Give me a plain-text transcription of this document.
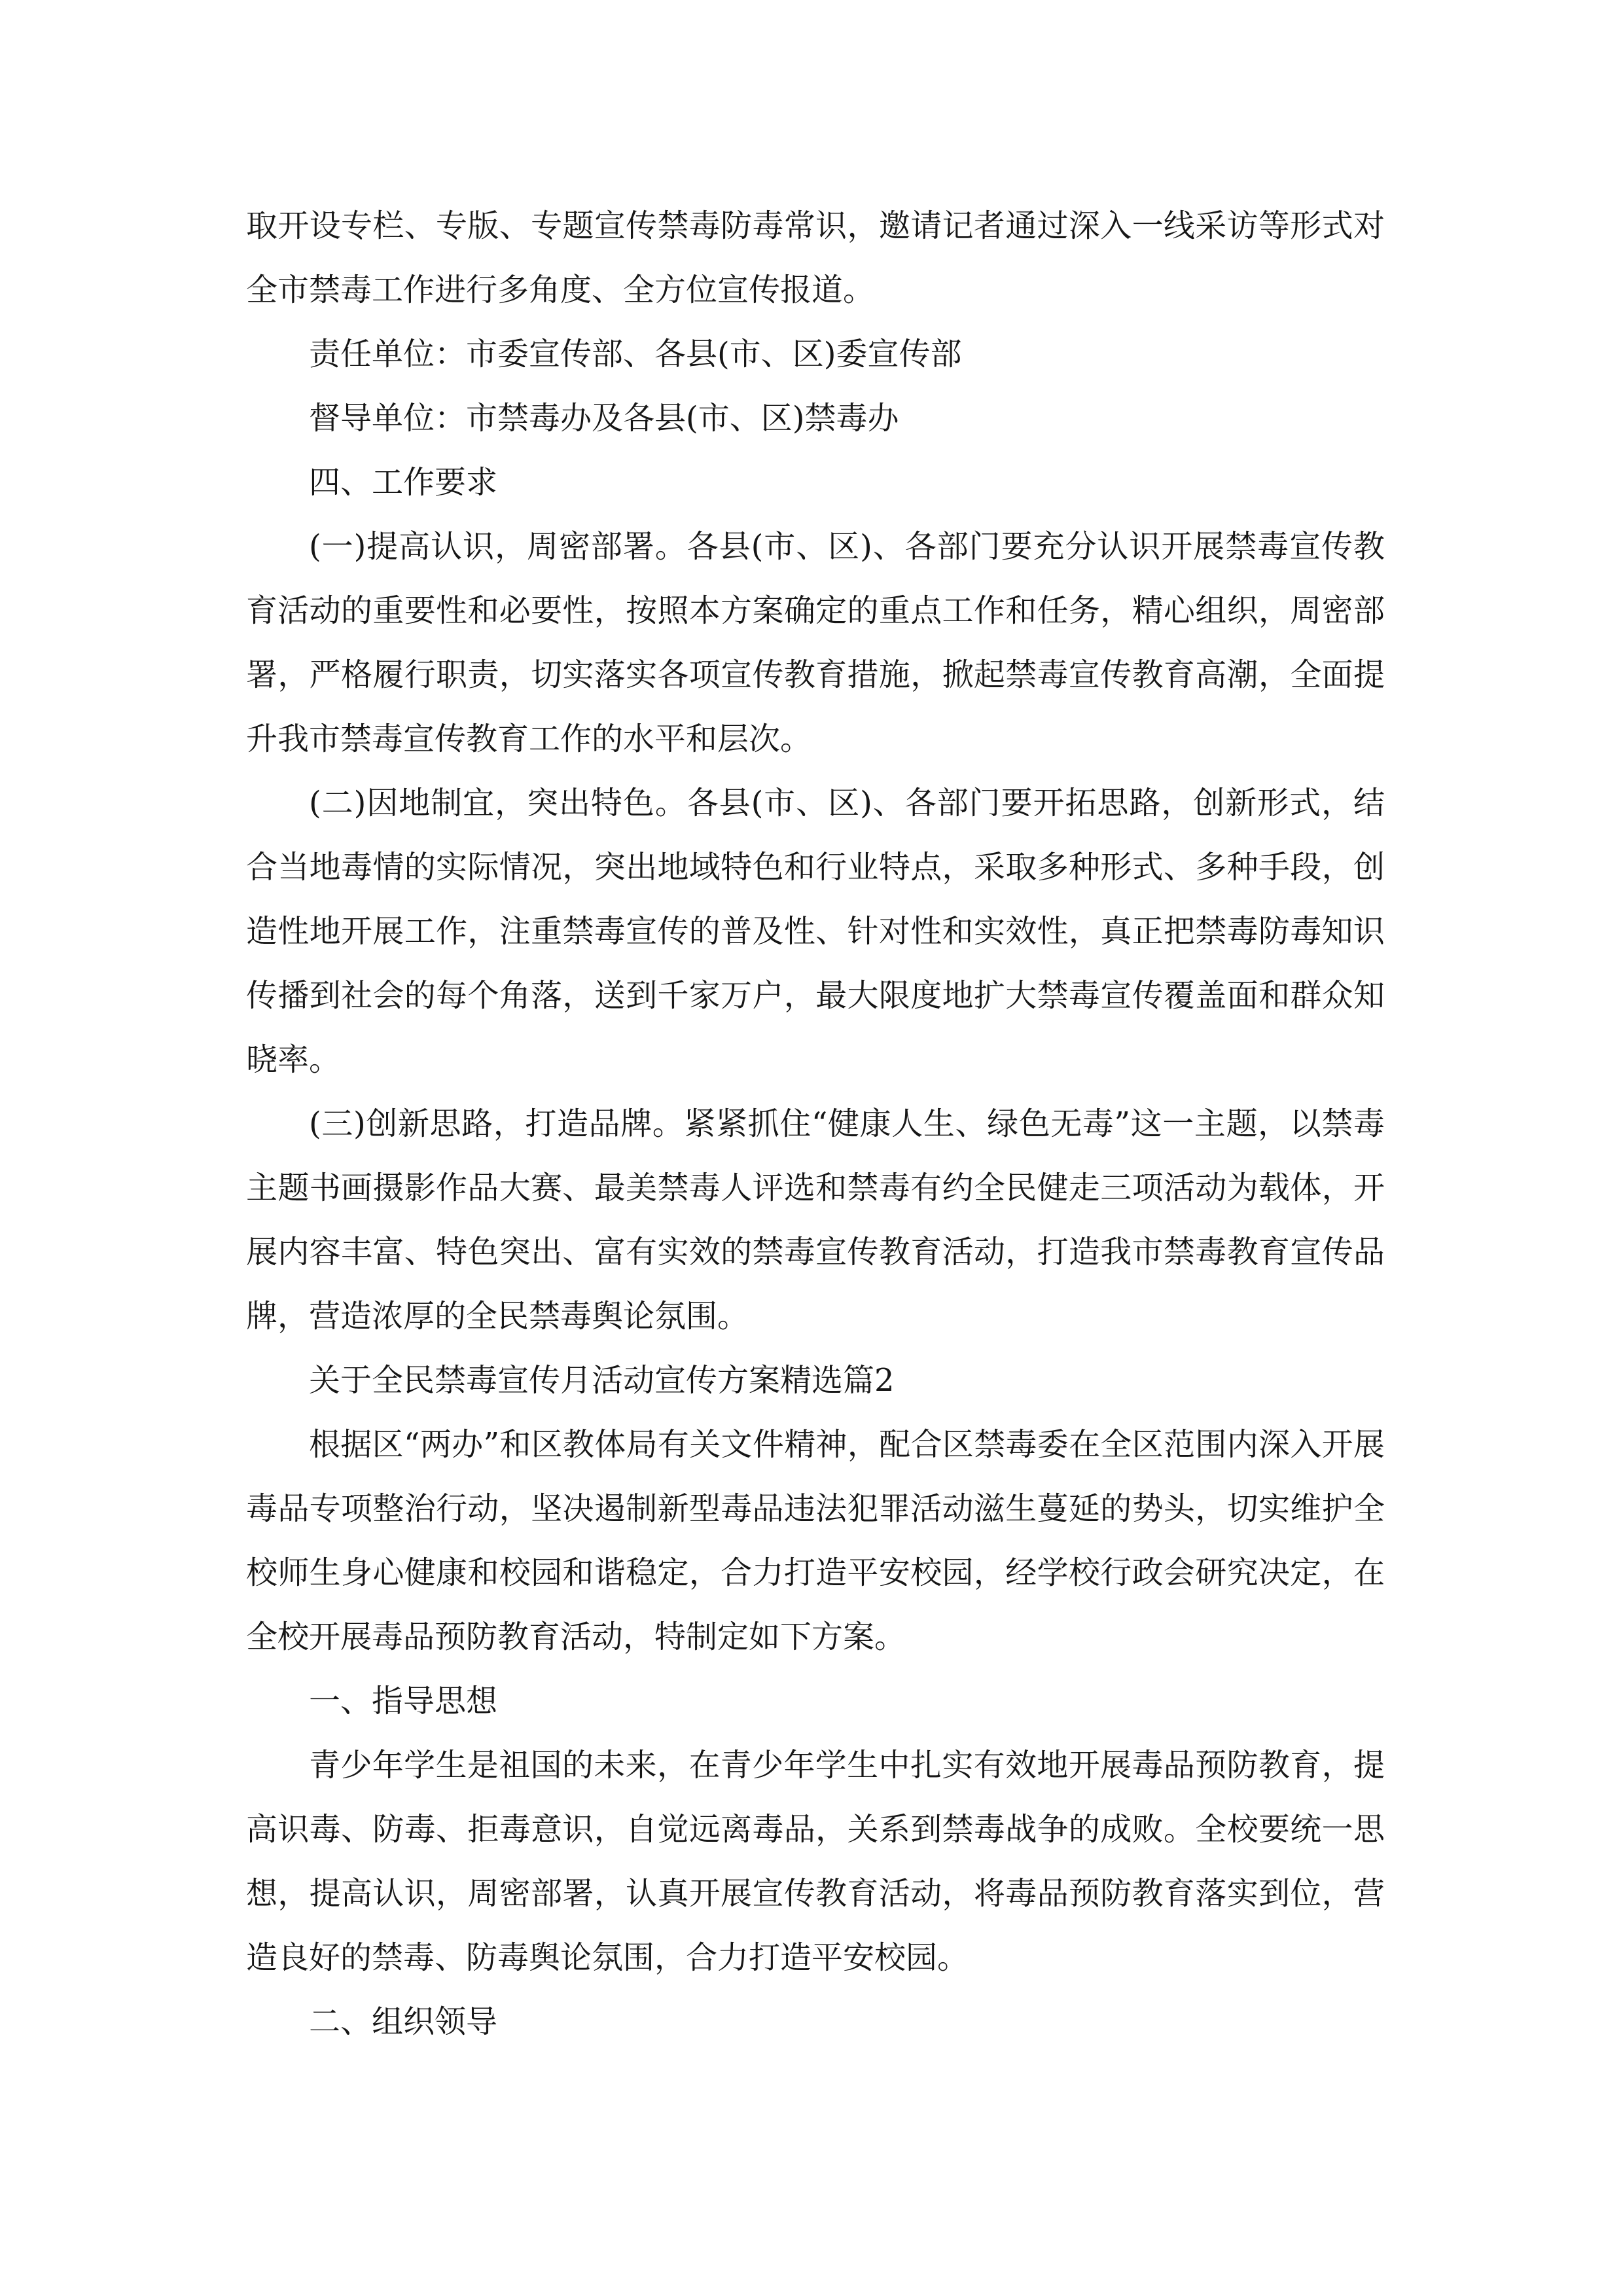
取开设专栏、专版、专题宣传禁毒防毒常识，邀请记者通过深入一线采访等形式对全市禁毒工作进行多角度、全方位宣传报道。

责任单位：市委宣传部、各县(市、区)委宣传部

督导单位：市禁毒办及各县(市、区)禁毒办

四、工作要求

(一)提高认识，周密部署。各县(市、区)、各部门要充分认识开展禁毒宣传教育活动的重要性和必要性，按照本方案确定的重点工作和任务，精心组织，周密部署，严格履行职责，切实落实各项宣传教育措施，掀起禁毒宣传教育高潮，全面提升我市禁毒宣传教育工作的水平和层次。

(二)因地制宜，突出特色。各县(市、区)、各部门要开拓思路，创新形式，结合当地毒情的实际情况，突出地域特色和行业特点，采取多种形式、多种手段，创造性地开展工作，注重禁毒宣传的普及性、针对性和实效性，真正把禁毒防毒知识传播到社会的每个角落，送到千家万户，最大限度地扩大禁毒宣传覆盖面和群众知晓率。

(三)创新思路，打造品牌。紧紧抓住“健康人生、绿色无毒”这一主题，以禁毒主题书画摄影作品大赛、最美禁毒人评选和禁毒有约全民健走三项活动为载体，开展内容丰富、特色突出、富有实效的禁毒宣传教育活动，打造我市禁毒教育宣传品牌，营造浓厚的全民禁毒舆论氛围。

关于全民禁毒宣传月活动宣传方案精选篇2

根据区“两办”和区教体局有关文件精神，配合区禁毒委在全区范围内深入开展毒品专项整治行动，坚决遏制新型毒品违法犯罪活动滋生蔓延的势头，切实维护全校师生身心健康和校园和谐稳定，合力打造平安校园，经学校行政会研究决定，在全校开展毒品预防教育活动，特制定如下方案。

一、指导思想

青少年学生是祖国的未来，在青少年学生中扎实有效地开展毒品预防教育，提高识毒、防毒、拒毒意识，自觉远离毒品，关系到禁毒战争的成败。全校要统一思想，提高认识，周密部署，认真开展宣传教育活动，将毒品预防教育落实到位，营造良好的禁毒、防毒舆论氛围，合力打造平安校园。

二、组织领导
